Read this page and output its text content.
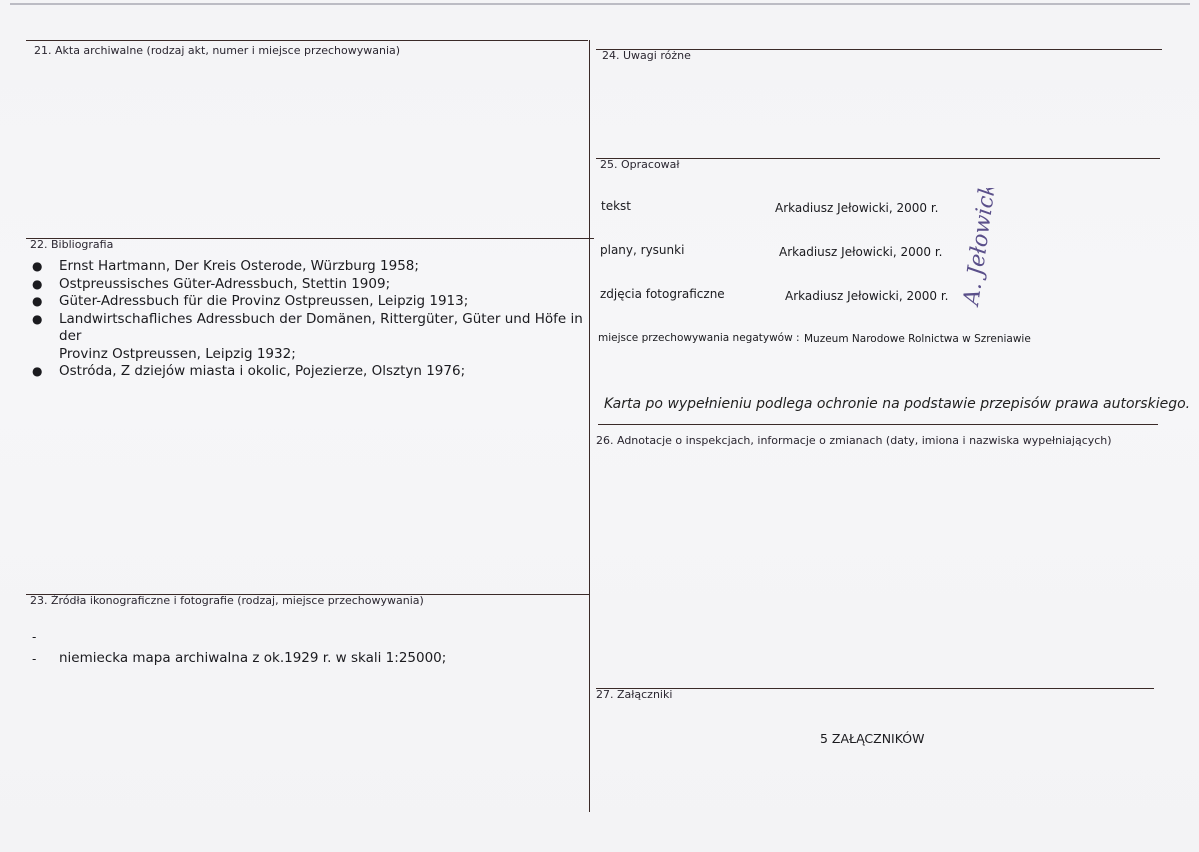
21. Akta archiwalne (rodzaj akt, numer i miejsce przechowywania)
22. Bibliografia
● Ernst Hartmann, Der Kreis Osterode, Würzburg 1958;
● Ostpreussisches Güter-Adressbuch, Stettin 1909;
● Güter-Adressbuch für die Provinz Ostpreussen, Leipzig 1913;
● Landwirtschafliches Adressbuch der Domänen, Rittergüter, Güter und Höfe in der
Provinz Ostpreussen, Leipzig 1932;
● Ostróda, Z dziejów miasta i okolic, Pojezierze, Olsztyn 1976;
23. Źródła ikonograficzne i fotografie (rodzaj, miejsce przechowywania)
-
- niemiecka mapa archiwalna z ok.1929 r. w skali 1:25000;
24. Uwagi różne
25. Opracował
tekst	Arkadiusz Jełowicki, 2000 r.
plany, rysunki	Arkadiusz Jełowicki, 2000 r.
zdjęcia fotograficzne	Arkadiusz Jełowicki, 2000 r.
miejsce przechowywania negatywów : Muzeum Narodowe Rolnictwa w Szreniawie
A. Jełowicki
Karta po wypełnieniu podlega ochronie na podstawie przepisów prawa autorskiego.
26. Adnotacje o inspekcjach, informacje o zmianach (daty, imiona i nazwiska wypełniających)
27. Załączniki
5 ZAŁĄCZNIKÓW
